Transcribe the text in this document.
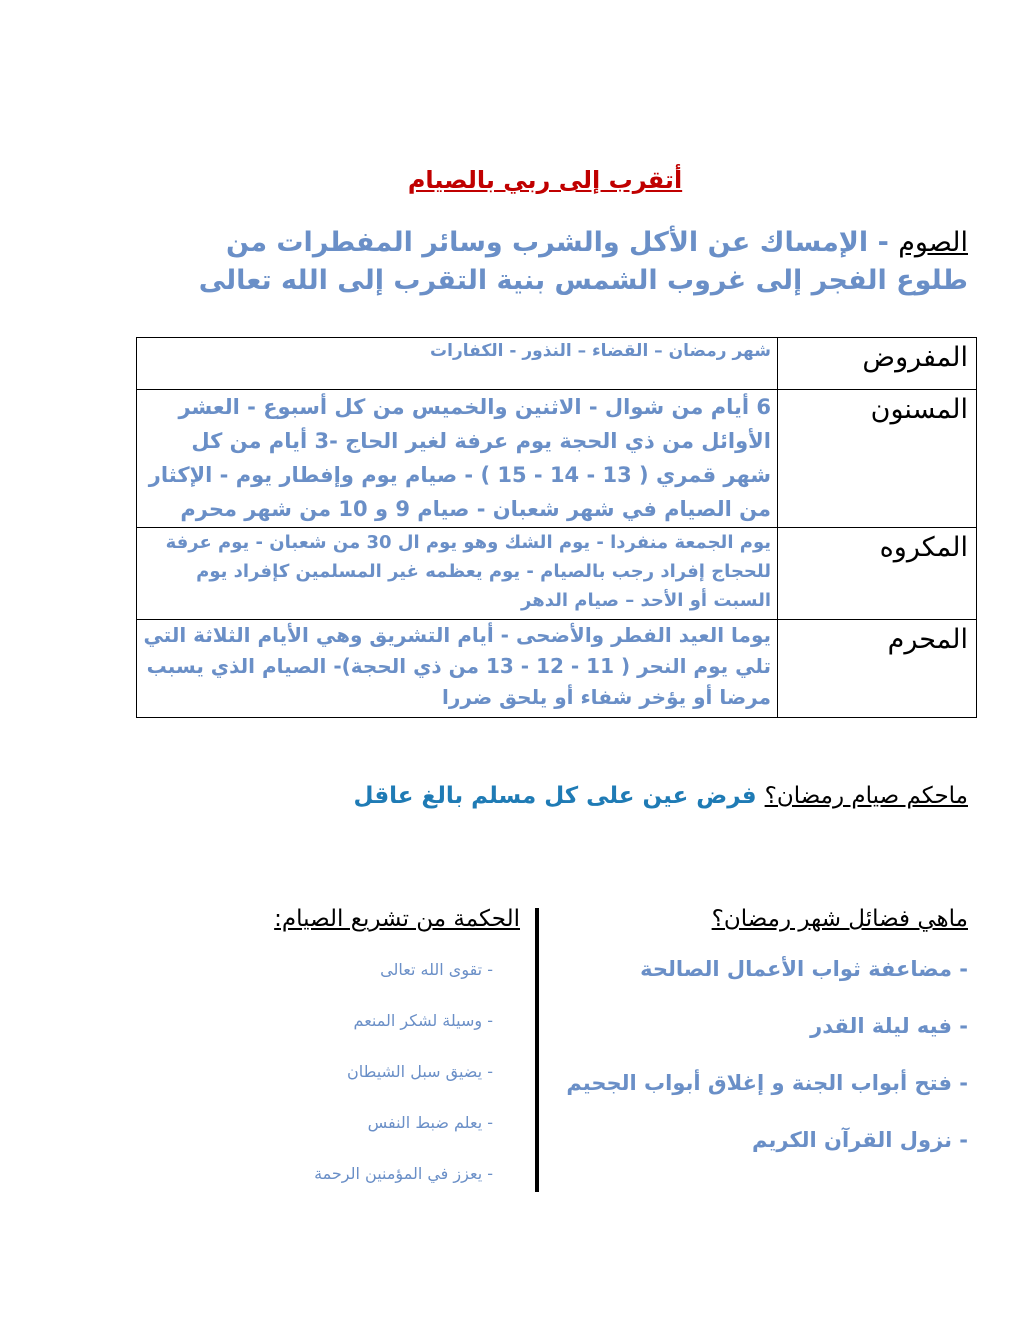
أتقرب إلى ربي بالصيام
الصوم - الإمساك عن الأكل والشرب وسائر المفطرات من طلوع الفجر إلى غروب الشمس بنية التقرب إلى الله تعالى
المفروض	شهر رمضان – القضاء – النذور - الكفارات
المسنون	6 أيام من شوال - الاثنين والخميس من كل أسبوع - العشر الأوائل من ذي الحجة يوم عرفة لغير الحاج -3 أيام من كل شهر قمري ( 13 - 14 - 15 ) - صيام يوم وإفطار يوم - الإكثار من الصيام في شهر شعبان - صيام 9 و 10 من شهر محرم
المكروه	يوم الجمعة منفردا - يوم الشك وهو يوم ال 30 من شعبان - يوم عرفة للحجاج إفراد رجب بالصيام - يوم يعظمه غير المسلمين كإفراد يوم السبت أو الأحد – صيام الدهر
المحرم	يوما العيد الفطر والأضحى - أيام التشريق وهي الأيام الثلاثة التي تلي يوم النحر ( 11 - 12 - 13 من ذي الحجة)- الصيام الذي يسبب مرضا أو يؤخر شفاء أو يلحق ضررا
ماحكم صيام رمضان؟ فرض عين على كل مسلم بالغ عاقل
ماهي فضائل شهر رمضان؟
- مضاعفة ثواب الأعمال الصالحة
- فيه ليلة القدر
- فتح أبواب الجنة و إغلاق أبواب الجحيم
- نزول القرآن الكريم
الحكمة من تشريع الصيام:
- تقوى الله تعالى
- وسيلة لشكر المنعم
- يضيق سبل الشيطان
- يعلم ضبط النفس
- يعزز في المؤمنين الرحمة
